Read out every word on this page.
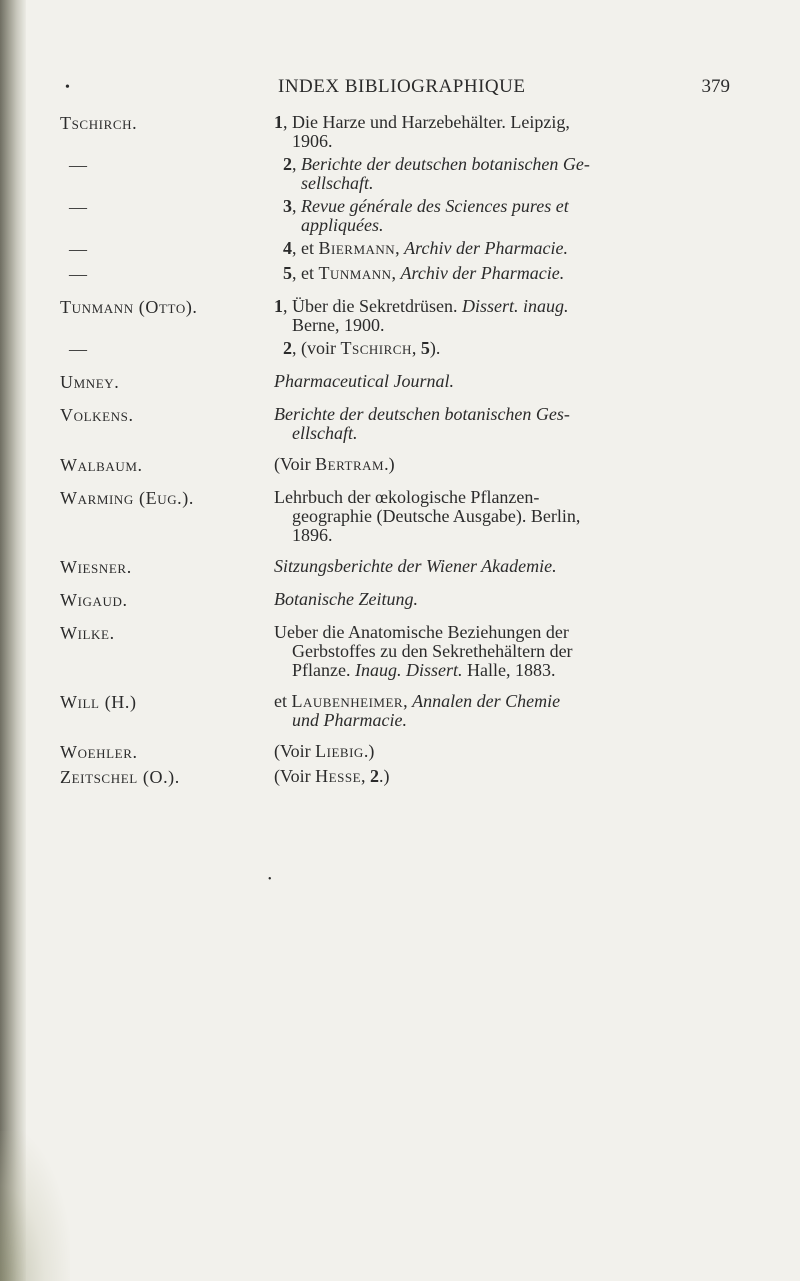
•	INDEX BIBLIOGRAPHIQUE	379
Tschirch.	1, Die Harze und Harzebehälter. Leipzig,
1906.
—	2, Berichte der deutschen botanischen Ge-
sellschaft.
—	3, Revue générale des Sciences pures et
appliquées.
—	4, et Biermann, Archiv der Pharmacie.
—	5, et Tunmann, Archiv der Pharmacie.
Tunmann (Otto).	1, Über die Sekretdrüsen. Dissert. inaug.
Berne, 1900.
—	2, (voir Tschirch, 5).
Umney.	Pharmaceutical Journal.
Volkens.	Berichte der deutschen botanischen Ges-
ellschaft.
Walbaum.	(Voir Bertram.)
Warming (Eug.).	Lehrbuch der œkologische Pflanzen-
geographie (Deutsche Ausgabe). Berlin,
1896.
Wiesner.	Sitzungsberichte der Wiener Akademie.
Wigaud.	Botanische Zeitung.
Wilke.	Ueber die Anatomische Beziehungen der
Gerbstoffes zu den Sekrethehältern der
Pflanze. Inaug. Dissert. Halle, 1883.
Will (H.)	et Laubenheimer, Annalen der Chemie
und Pharmacie.
Woehler.	(Voir Liebig.)
Zeitschel (O.).	(Voir Hesse, 2.)
•
